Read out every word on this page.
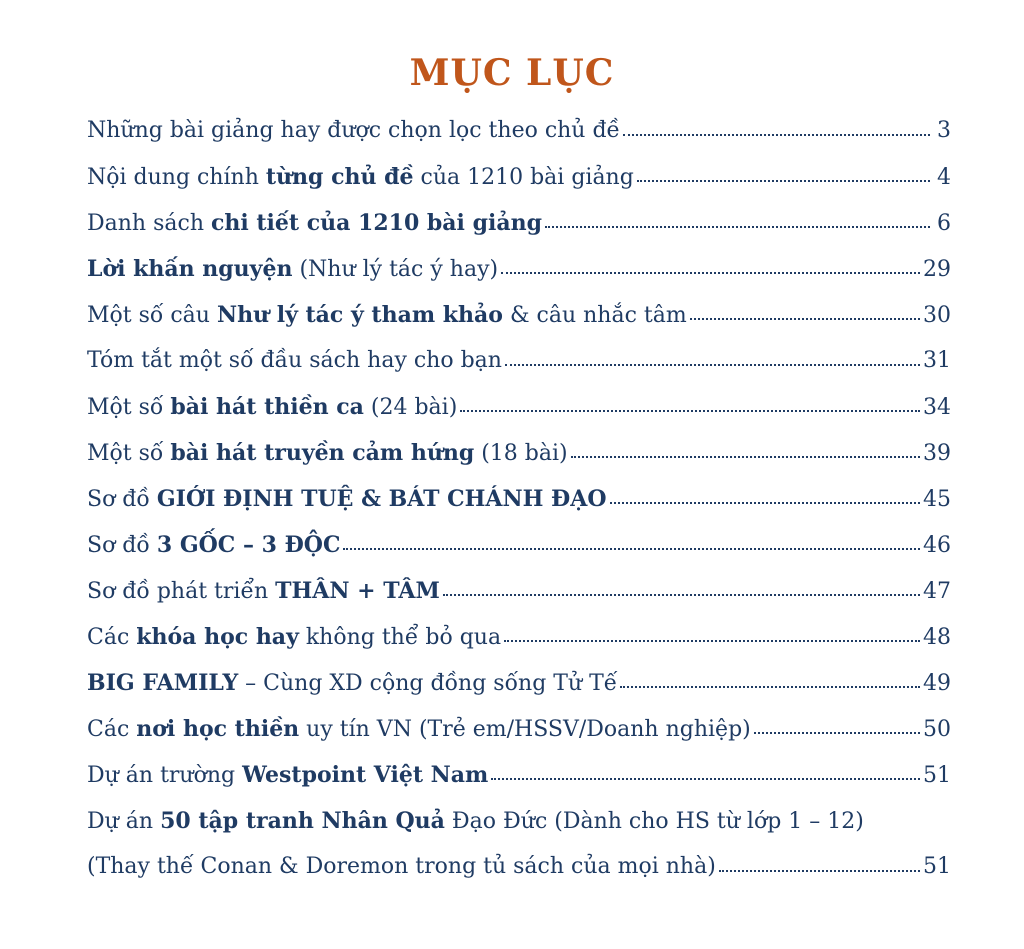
MỤC LỤC
Những bài giảng hay được chọn lọc theo chủ đề	3
Nội dung chính từng chủ đề của 1210 bài giảng	4
Danh sách chi tiết của 1210 bài giảng	6
Lời khấn nguyện (Như lý tác ý hay)	29
Một số câu Như lý tác ý tham khảo & câu nhắc tâm	30
Tóm tắt một số đầu sách hay cho bạn	31
Một số bài hát thiền ca (24 bài)	34
Một số bài hát truyền cảm hứng (18 bài)	39
Sơ đồ GIỚI ĐỊNH TUỆ & BÁT CHÁNH ĐẠO	45
Sơ đồ 3 GỐC – 3 ĐỘC	46
Sơ đồ phát triển THÂN + TÂM	47
Các khóa học hay không thể bỏ qua	48
BIG FAMILY – Cùng XD cộng đồng sống Tử Tế	49
Các nơi học thiền uy tín VN (Trẻ em/HSSV/Doanh nghiệp)	50
Dự án trường Westpoint Việt Nam	51
Dự án 50 tập tranh Nhân Quả Đạo Đức (Dành cho HS từ lớp 1 – 12)
(Thay thế Conan & Doremon trong tủ sách của mọi nhà)	51
